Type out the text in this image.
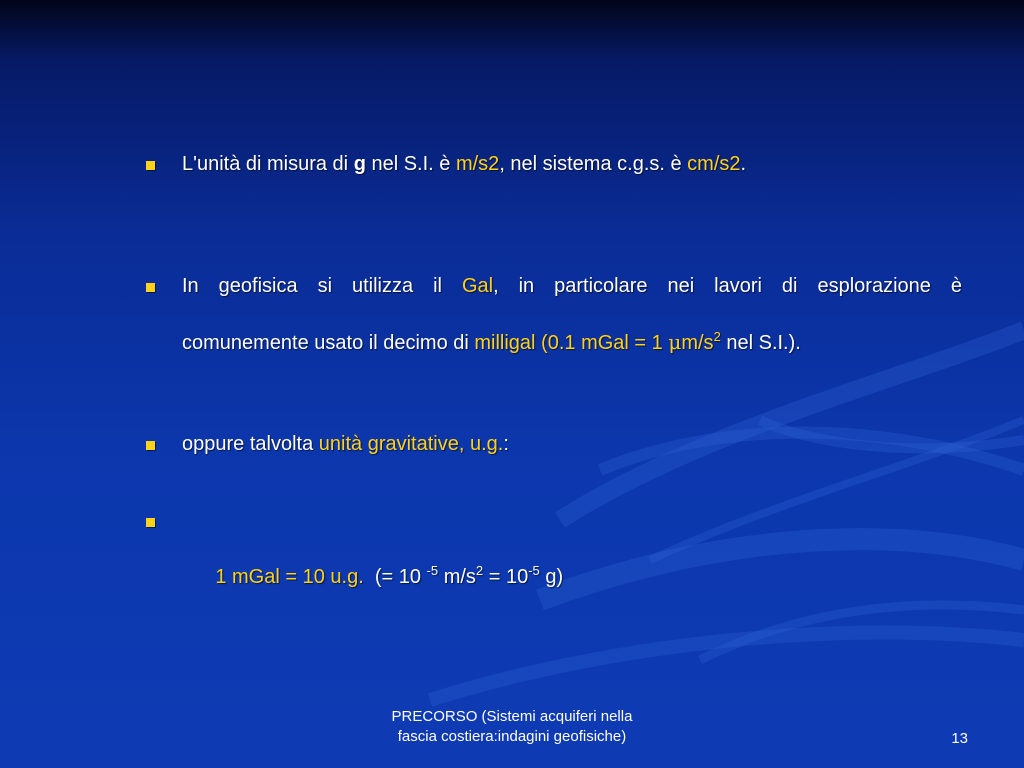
L'unità di misura di g nel S.I. è m/s2, nel sistema c.g.s. è cm/s2.
In geofisica si utilizza il Gal, in particolare nei lavori di esplorazione è
comunemente usato il decimo di milligal (0.1 mGal = 1 $\mu m/s^2$ nel S.I.).
oppure talvolta unità gravitative, u.g.:

1 mGal = 10 u.g.  (= 10 $^{-5}$ $m/s^2 = 10^{-5}$ g)

PRECORSO (Sistemi acquiferi nella
fascia costiera:indagini geofisiche)	13
